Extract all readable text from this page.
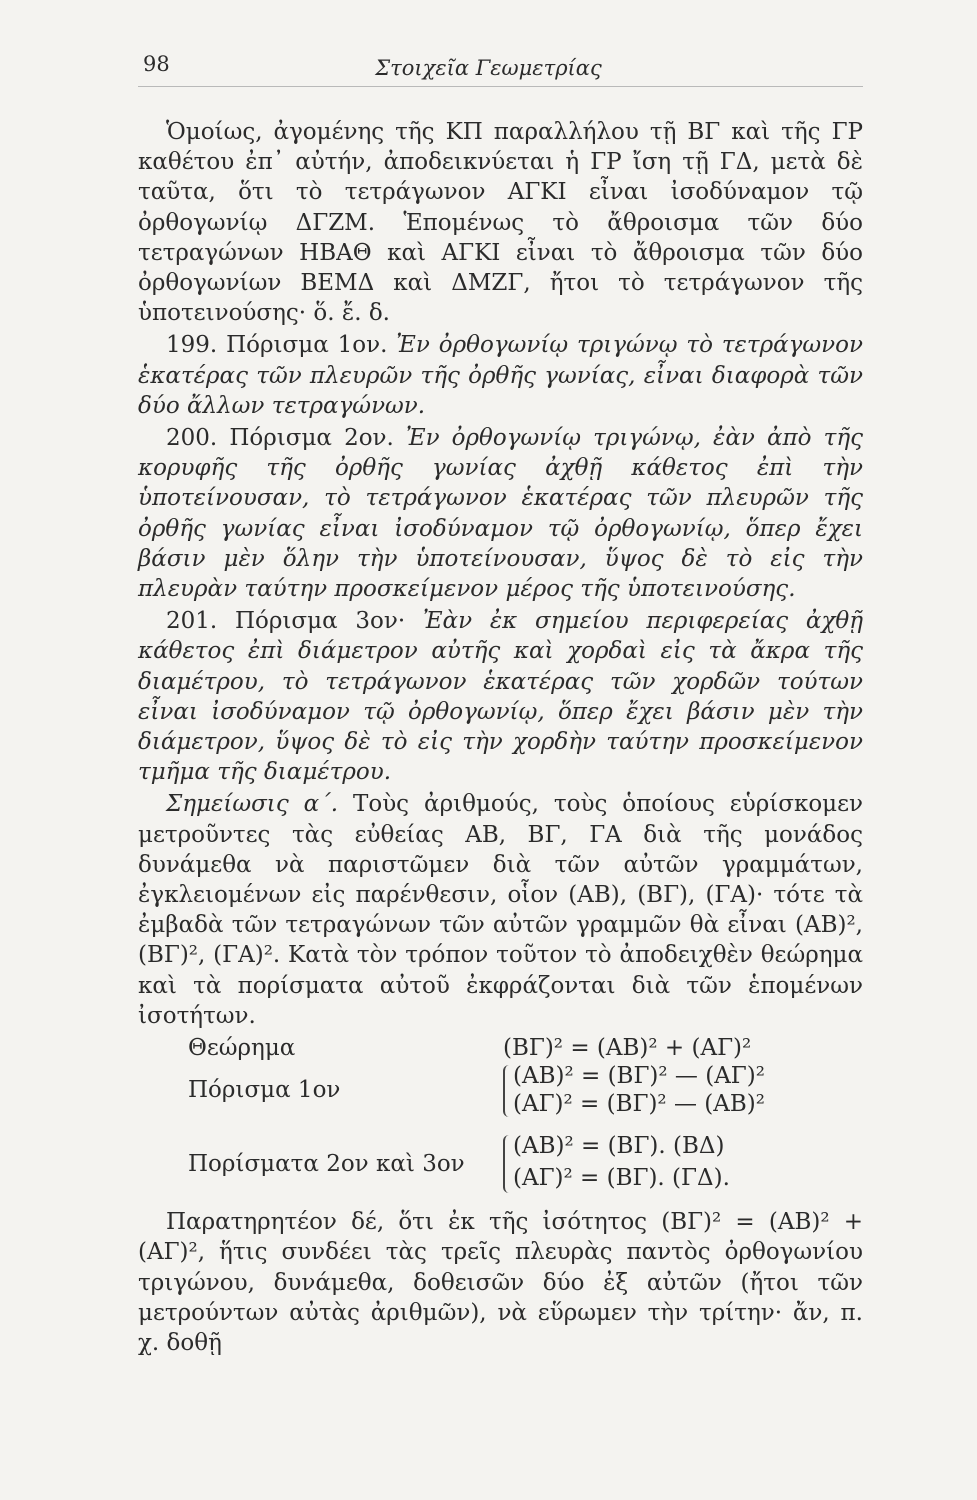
98	Στοιχεῖα Γεωμετρίας

Ὁμοίως, ἀγομένης τῆς ΚΠ παραλλήλου τῇ ΒΓ καὶ τῆς ΓΡ καθέτου ἐπ᾽ αὐτήν, ἀποδεικνύεται ἡ ΓΡ ἴση τῇ ΓΔ, μετὰ δὲ ταῦτα, ὅτι τὸ τετράγωνον ΑΓΚΙ εἶναι ἰσοδύναμον τῷ ὀρθογωνίῳ ΔΓΖΜ. Ἑπομένως τὸ ἄθροισμα τῶν δύο τετραγώνων ΗΒΑΘ καὶ ΑΓΚΙ εἶναι τὸ ἄθροισμα τῶν δύο ὀρθογωνίων ΒΕΜΔ καὶ ΔΜΖΓ, ἤτοι τὸ τετράγωνον τῆς ὑποτεινούσης· ὅ. ἔ. δ.

199. Πόρισμα 1ον. Ἐν ὀρθογωνίῳ τριγώνῳ τὸ τετράγωνον ἑκατέρας τῶν πλευρῶν τῆς ὀρθῆς γωνίας, εἶναι διαφορὰ τῶν δύο ἄλλων τετραγώνων.

200. Πόρισμα 2ον. Ἐν ὀρθογωνίῳ τριγώνῳ, ἐὰν ἀπὸ τῆς κορυφῆς τῆς ὀρθῆς γωνίας ἀχθῇ κάθετος ἐπὶ τὴν ὑποτείνουσαν, τὸ τετράγωνον ἑκατέρας τῶν πλευρῶν τῆς ὀρθῆς γωνίας εἶναι ἰσοδύναμον τῷ ὀρθογωνίῳ, ὅπερ ἔχει βάσιν μὲν ὅλην τὴν ὑποτείνουσαν, ὕψος δὲ τὸ εἰς τὴν πλευρὰν ταύτην προσκείμενον μέρος τῆς ὑποτεινούσης.

201. Πόρισμα 3ον· Ἐὰν ἐκ σημείου περιφερείας ἀχθῇ κάθετος ἐπὶ διάμετρον αὐτῆς καὶ χορδαὶ εἰς τὰ ἄκρα τῆς διαμέτρου, τὸ τετράγωνον ἑκατέρας τῶν χορδῶν τούτων εἶναι ἰσοδύναμον τῷ ὀρθογωνίῳ, ὅπερ ἔχει βάσιν μὲν τὴν διάμετρον, ὕψος δὲ τὸ εἰς τὴν χορδὴν ταύτην προσκείμενον τμῆμα τῆς διαμέτρου.

Σημείωσις α΄. Τοὺς ἀριθμούς, τοὺς ὁποίους εὑρίσκομεν μετροῦντες τὰς εὐθείας ΑΒ, ΒΓ, ΓΑ διὰ τῆς μονάδος δυνάμεθα νὰ παριστῶμεν διὰ τῶν αὐτῶν γραμμάτων, ἐγκλειομένων εἰς παρένθεσιν, οἷον (ΑΒ), (ΒΓ), (ΓΑ)· τότε τὰ ἐμβαδὰ τῶν τετραγώνων τῶν αὐτῶν γραμμῶν θὰ εἶναι (ΑΒ)², (ΒΓ)², (ΓΑ)². Κατὰ τὸν τρόπον τοῦτον τὸ ἀποδειχθὲν θεώρημα καὶ τὰ πορίσματα αὐτοῦ ἐκφράζονται διὰ τῶν ἑπομένων ἰσοτήτων.

Θεώρημα	(ΒΓ)² = (ΑΒ)² + (ΑΓ)²
Πόρισμα 1ον
(ΑΒ)² = (ΒΓ)² — (ΑΓ)²
(ΑΓ)² = (ΒΓ)² — (ΑΒ)²
Πορίσματα 2ον καὶ 3ον
(ΑΒ)² = (ΒΓ). (ΒΔ)
(ΑΓ)² = (ΒΓ). (ΓΔ).

Παρατηρητέον δέ, ὅτι ἐκ τῆς ἰσότητος (ΒΓ)² = (ΑΒ)² + (ΑΓ)², ἥτις συνδέει τὰς τρεῖς πλευρὰς παντὸς ὀρθογωνίου τριγώνου, δυνάμεθα, δοθεισῶν δύο ἐξ αὐτῶν (ἤτοι τῶν μετρούντων αὐτὰς ἀριθμῶν), νὰ εὕρωμεν τὴν τρίτην· ἄν, π. χ. δοθῇ
